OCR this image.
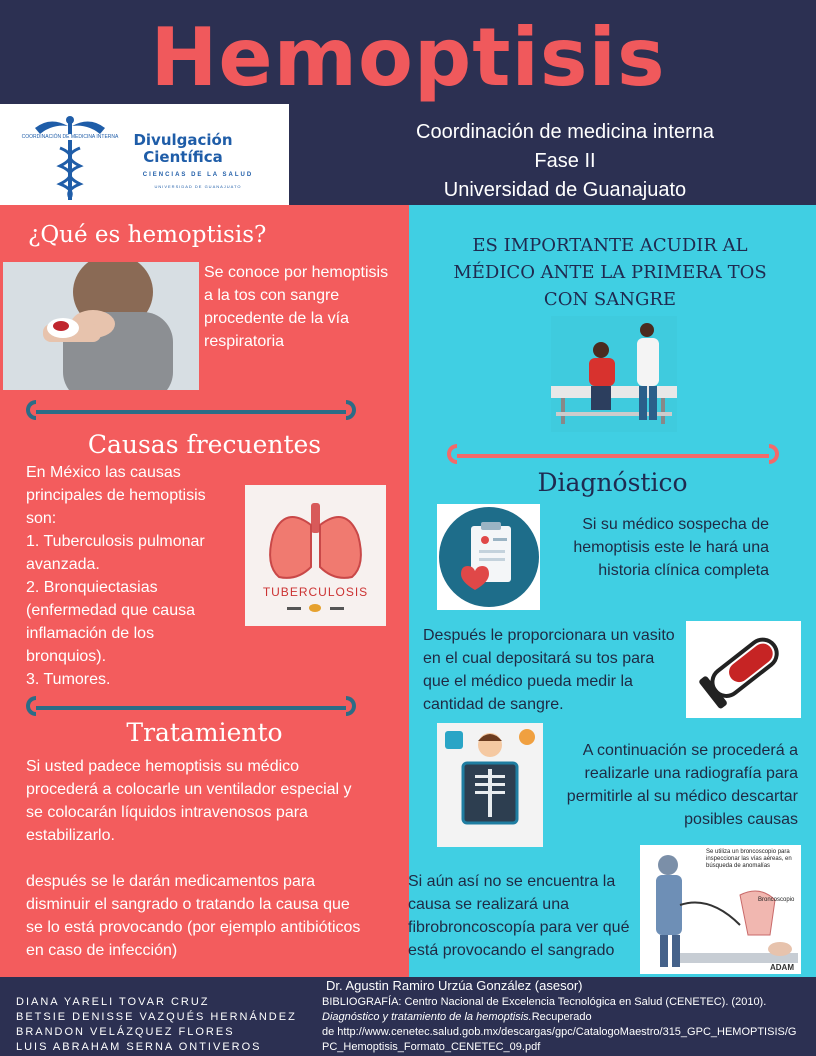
Hemoptisis
COORDINACIÓN DE MEDICINA INTERNA	Divulgación
Científica
CIENCIAS DE LA SALUD
UNIVERSIDAD DE GUANAJUATO
Coordinación de medicina interna
Fase II
Universidad de Guanajuato
¿Qué es hemoptisis?
Se conoce por hemoptisis a la tos con sangre procedente de la vía respiratoria
Causas frecuentes
En México las causas
principales de hemoptisis
son:
1. Tuberculosis pulmonar
avanzada.
2. Bronquiectasias
(enfermedad que causa
inflamación de los
bronquios).
3. Tumores.
TUBERCULOSIS
Tratamiento
Si usted padece hemoptisis su médico procederá a colocarle un ventilador especial y se colocarán líquidos intravenosos para estabilizarlo.
después se le darán medicamentos para disminuir el sangrado o tratando la causa que se lo está provocando (por ejemplo antibióticos en caso de infección)
ES IMPORTANTE ACUDIR AL MÉDICO ANTE LA PRIMERA TOS CON SANGRE
Diagnóstico
Si su médico sospecha de hemoptisis este le hará una historia clínica completa
Después le proporcionara un vasito en el cual depositará su tos para que el médico pueda medir la cantidad de sangre.
A continuación se procederá a realizarle una radiografía para permitirle al su médico descartar posibles causas
Si aún así no se encuentra la causa se realizará una fibrobroncoscopía para ver qué está provocando el sangrado
Se utiliza un broncoscopio para inspeccionar las vías aéreas, en búsqueda de anomalías
Broncoscopio
ADAM
Dr. Agustin Ramiro Urzúa González (asesor)
DIANA YARELI TOVAR CRUZ
BETSIE DENISSE VAZQUÉS HERNÁNDEZ
BRANDON VELÁZQUEZ FLORES
LUIS ABRAHAM SERNA ONTIVEROS
BIBLIOGRAFÍA: Centro Nacional de Excelencia Tecnológica en Salud (CENETEC). (2010).
Diagnóstico y tratamiento de la hemoptisis.Recuperado
de http://www.cenetec.salud.gob.mx/descargas/gpc/CatalogoMaestro/315_GPC_HEMOPTISIS/G
PC_Hemoptisis_Formato_CENETEC_09.pdf
